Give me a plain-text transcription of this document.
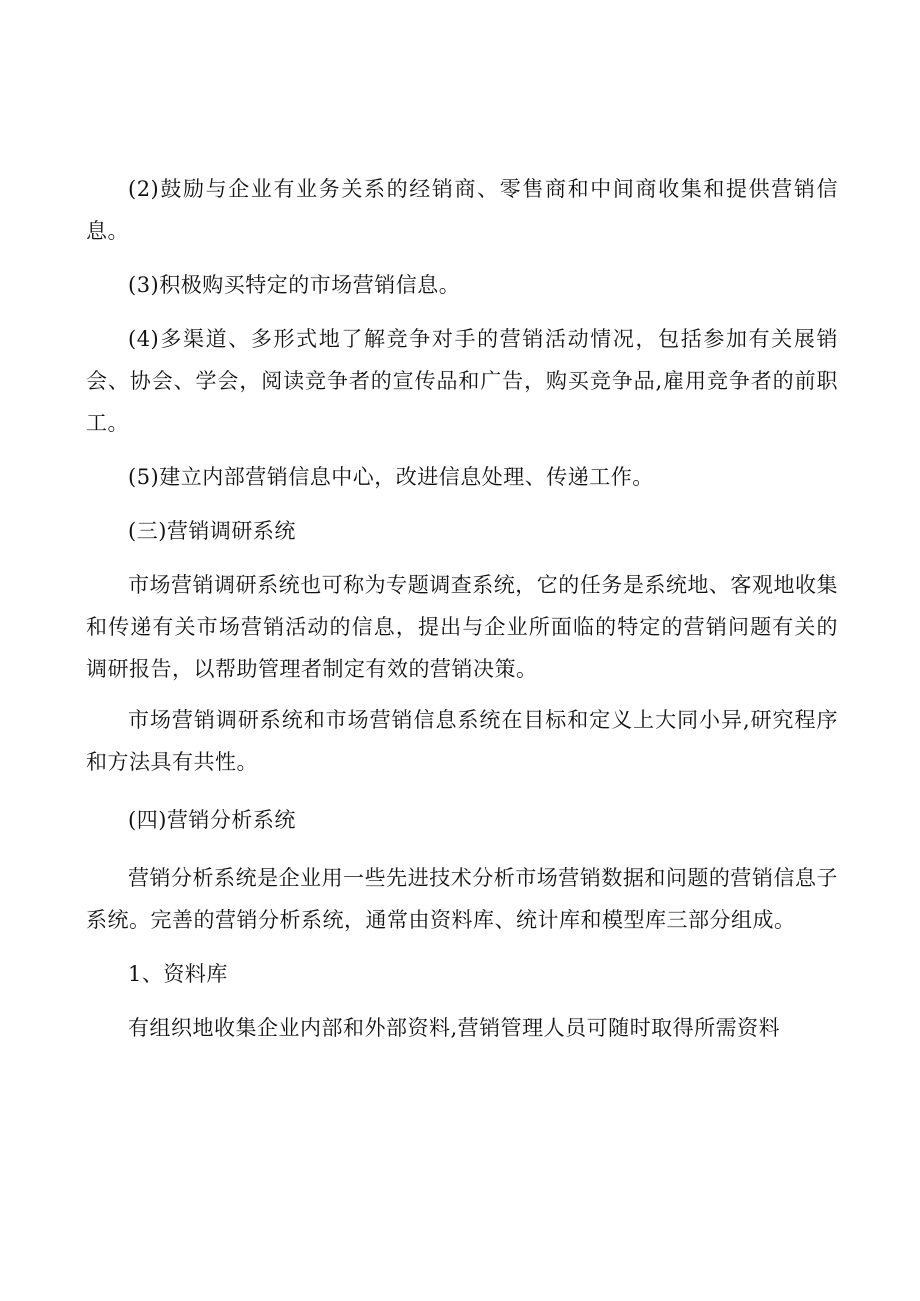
(2)鼓励与企业有业务关系的经销商、零售商和中间商收集和提供营销信息。

(3)积极购买特定的市场营销信息。

(4)多渠道、多形式地了解竞争对手的营销活动情况，包括参加有关展销会、协会、学会，阅读竞争者的宣传品和广告，购买竞争品,雇用竞争者的前职工。

(5)建立内部营销信息中心，改进信息处理、传递工作。

(三)营销调研系统

市场营销调研系统也可称为专题调查系统，它的任务是系统地、客观地收集和传递有关市场营销活动的信息，提出与企业所面临的特定的营销问题有关的调研报告，以帮助管理者制定有效的营销决策。

市场营销调研系统和市场营销信息系统在目标和定义上大同小异,研究程序和方法具有共性。

(四)营销分析系统

营销分析系统是企业用一些先进技术分析市场营销数据和问题的营销信息子系统。完善的营销分析系统，通常由资料库、统计库和模型库三部分组成。

1、资料库

有组织地收集企业内部和外部资料,营销管理人员可随时取得所需资料
